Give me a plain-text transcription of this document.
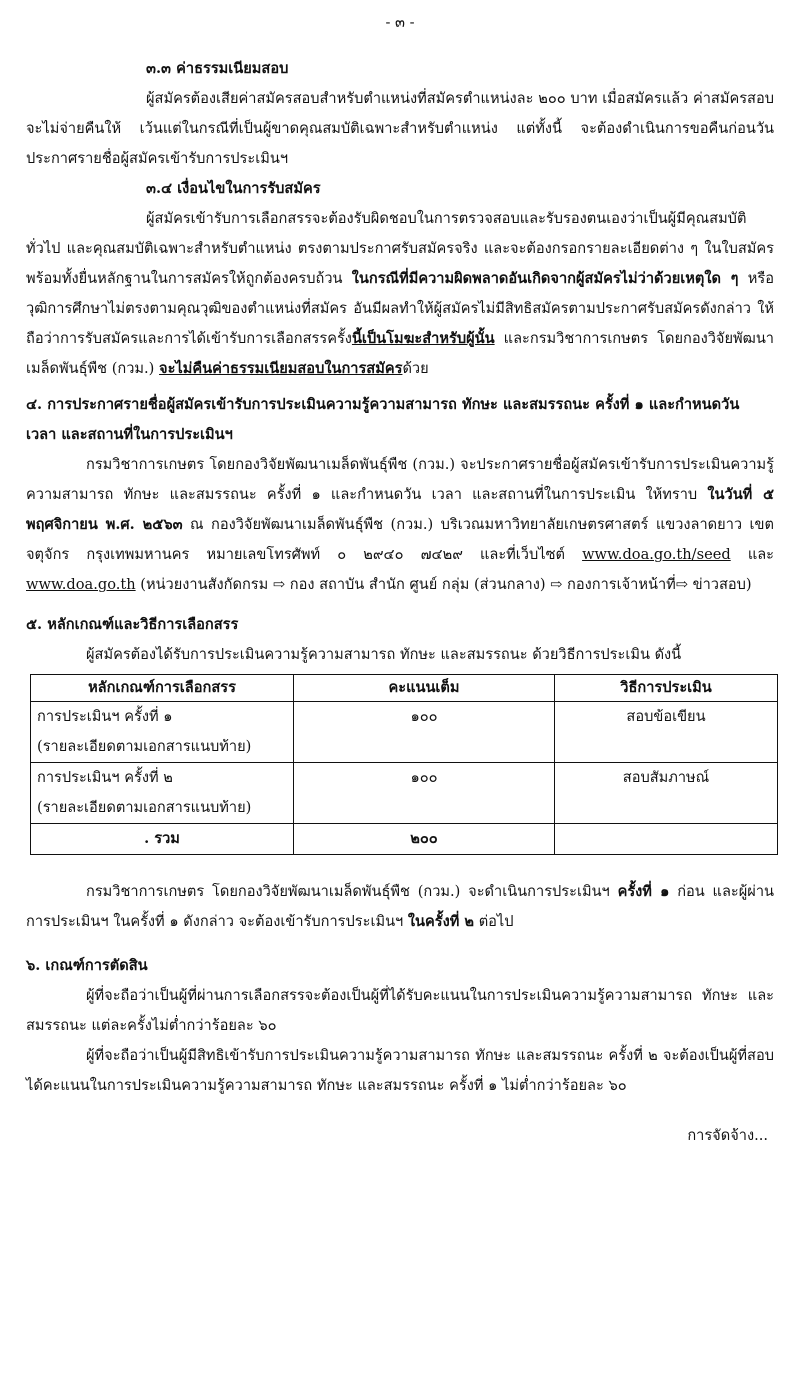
- ๓ -
๓.๓ ค่าธรรมเนียมสอบ
ผู้สมัครต้องเสียค่าสมัครสอบสำหรับตำแหน่งที่สมัครตำแหน่งละ ๒๐๐ บาท เมื่อสมัครแล้ว ค่าสมัครสอบจะไม่จ่ายคืนให้ เว้นแต่ในกรณีที่เป็นผู้ขาดคุณสมบัติเฉพาะสำหรับตำแหน่ง แต่ทั้งนี้ จะต้องดำเนินการขอคืนก่อนวันประกาศรายชื่อผู้สมัครเข้ารับการประเมินฯ
๓.๔ เงื่อนไขในการรับสมัคร
ผู้สมัครเข้ารับการเลือกสรรจะต้องรับผิดชอบในการตรวจสอบและรับรองตนเองว่าเป็นผู้มีคุณสมบัติทั่วไป และคุณสมบัติเฉพาะสำหรับตำแหน่ง ตรงตามประกาศรับสมัครจริง และจะต้องกรอกรายละเอียดต่าง ๆ ในใบสมัคร พร้อมทั้งยื่นหลักฐานในการสมัครให้ถูกต้องครบถ้วน ในกรณีที่มีความผิดพลาดอันเกิดจากผู้สมัครไม่ว่าด้วยเหตุใด ๆ หรือวุฒิการศึกษาไม่ตรงตามคุณวุฒิของตำแหน่งที่สมัคร อันมีผลทำให้ผู้สมัครไม่มีสิทธิสมัครตามประกาศรับสมัครดังกล่าว ให้ถือว่าการรับสมัครและการได้เข้ารับการเลือกสรรครั้งนี้เป็นโมฆะสำหรับผู้นั้น และกรมวิชาการเกษตร โดยกองวิจัยพัฒนาเมล็ดพันธุ์พืช (กวม.) จะไม่คืนค่าธรรมเนียมสอบในการสมัครด้วย
๔. การประกาศรายชื่อผู้สมัครเข้ารับการประเมินความรู้ความสามารถ ทักษะ และสมรรถนะ ครั้งที่ ๑ และกำหนดวัน เวลา และสถานที่ในการประเมินฯ
กรมวิชาการเกษตร โดยกองวิจัยพัฒนาเมล็ดพันธุ์พืช (กวม.) จะประกาศรายชื่อผู้สมัครเข้ารับการประเมินความรู้ความสามารถ ทักษะ และสมรรถนะ ครั้งที่ ๑ และกำหนดวัน เวลา และสถานที่ในการประเมิน ให้ทราบ ในวันที่ ๕ พฤศจิกายน พ.ศ. ๒๕๖๓ ณ กองวิจัยพัฒนาเมล็ดพันธุ์พืช (กวม.) บริเวณมหาวิทยาลัยเกษตรศาสตร์ แขวงลาดยาว เขตจตุจักร กรุงเทพมหานคร หมายเลขโทรศัพท์ ๐ ๒๙๔๐ ๗๔๒๙ และที่เว็บไซต์ www.doa.go.th/seed และ www.doa.go.th (หน่วยงานสังกัดกรม ⇨ กอง สถาบัน สำนัก ศูนย์ กลุ่ม (ส่วนกลาง) ⇨ กองการเจ้าหน้าที่⇨ ข่าวสอบ)
๕. หลักเกณฑ์และวิธีการเลือกสรร
ผู้สมัครต้องได้รับการประเมินความรู้ความสามารถ ทักษะ และสมรรถนะ ด้วยวิธีการประเมิน ดังนี้
หลักเกณฑ์การเลือกสรร	คะแนนเต็ม	วิธีการประเมิน

การประเมินฯ ครั้งที่ ๑
(รายละเอียดตามเอกสารแนบท้าย)	๑๐๐	สอบข้อเขียน

การประเมินฯ ครั้งที่ ๒
(รายละเอียดตามเอกสารแนบท้าย)	๑๐๐	สอบสัมภาษณ์
. รวม	๒๐๐	
กรมวิชาการเกษตร โดยกองวิจัยพัฒนาเมล็ดพันธุ์พืช (กวม.) จะดำเนินการประเมินฯ ครั้งที่ ๑ ก่อน และผู้ผ่านการประเมินฯ ในครั้งที่ ๑ ดังกล่าว จะต้องเข้ารับการประเมินฯ ในครั้งที่ ๒ ต่อไป
๖. เกณฑ์การตัดสิน
ผู้ที่จะถือว่าเป็นผู้ที่ผ่านการเลือกสรรจะต้องเป็นผู้ที่ได้รับคะแนนในการประเมินความรู้ความสามารถ ทักษะ และสมรรถนะ แต่ละครั้งไม่ต่ำกว่าร้อยละ ๖๐
ผู้ที่จะถือว่าเป็นผู้มีสิทธิเข้ารับการประเมินความรู้ความสามารถ ทักษะ และสมรรถนะ ครั้งที่ ๒ จะต้องเป็นผู้ที่สอบได้คะแนนในการประเมินความรู้ความสามารถ ทักษะ และสมรรถนะ ครั้งที่ ๑ ไม่ต่ำกว่าร้อยละ ๖๐
การจัดจ้าง...
